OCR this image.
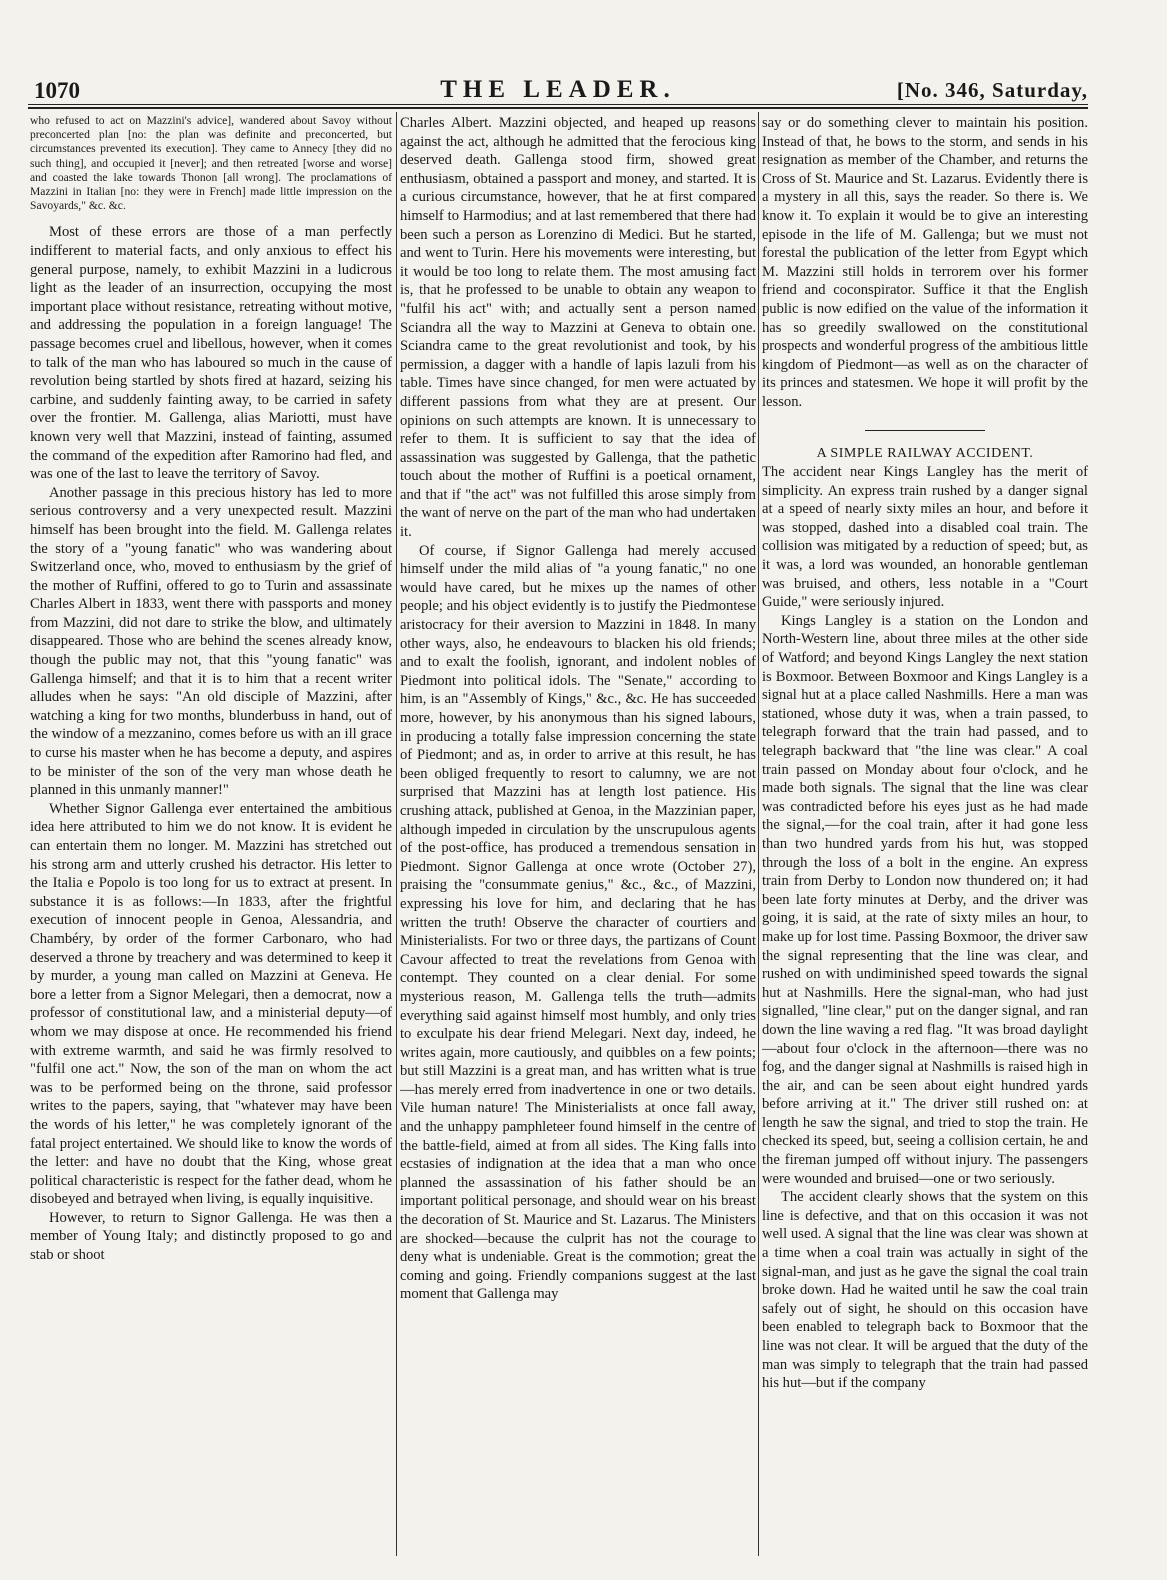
1070	THE LEADER.	[No. 346, Saturday,

who refused to act on Mazzini's advice], wandered about Savoy without preconcerted plan [no: the plan was definite and preconcerted, but circumstances prevented its execution]. They came to Annecy [they did no such thing], and occupied it [never]; and then retreated [worse and worse] and coasted the lake towards Thonon [all wrong]. The proclamations of Mazzini in Italian [no: they were in French] made little impression on the Savoyards," &c. &c.

Most of these errors are those of a man perfectly indifferent to material facts, and only anxious to effect his general purpose, namely, to exhibit Mazzini in a ludicrous light as the leader of an insurrection, occupying the most important place without resistance, retreating without motive, and addressing the population in a foreign language! The passage becomes cruel and libellous, however, when it comes to talk of the man who has laboured so much in the cause of revolution being startled by shots fired at hazard, seizing his carbine, and suddenly fainting away, to be carried in safety over the frontier. M. Gallenga, alias Mariotti, must have known very well that Mazzini, instead of fainting, assumed the command of the expedition after Ramorino had fled, and was one of the last to leave the territory of Savoy.

Another passage in this precious history has led to more serious controversy and a very unexpected result. Mazzini himself has been brought into the field. M. Gallenga relates the story of a "young fanatic" who was wandering about Switzerland once, who, moved to enthusiasm by the grief of the mother of Ruffini, offered to go to Turin and assassinate Charles Albert in 1833, went there with passports and money from Mazzini, did not dare to strike the blow, and ultimately disappeared. Those who are behind the scenes already know, though the public may not, that this "young fanatic" was Gallenga himself; and that it is to him that a recent writer alludes when he says: "An old disciple of Mazzini, after watching a king for two months, blunderbuss in hand, out of the window of a mezzanino, comes before us with an ill grace to curse his master when he has become a deputy, and aspires to be minister of the son of the very man whose death he planned in this unmanly manner!"

Whether Signor Gallenga ever entertained the ambitious idea here attributed to him we do not know. It is evident he can entertain them no longer. M. Mazzini has stretched out his strong arm and utterly crushed his detractor. His letter to the Italia e Popolo is too long for us to extract at present. In substance it is as follows:—In 1833, after the frightful execution of innocent people in Genoa, Alessandria, and Chambéry, by order of the former Carbonaro, who had deserved a throne by treachery and was determined to keep it by murder, a young man called on Mazzini at Geneva. He bore a letter from a Signor Melegari, then a democrat, now a professor of constitutional law, and a ministerial deputy—of whom we may dispose at once. He recommended his friend with extreme warmth, and said he was firmly resolved to "fulfil one act." Now, the son of the man on whom the act was to be performed being on the throne, said professor writes to the papers, saying, that "whatever may have been the words of his letter," he was completely ignorant of the fatal project entertained. We should like to know the words of the letter: and have no doubt that the King, whose great political characteristic is respect for the father dead, whom he disobeyed and betrayed when living, is equally inquisitive.

However, to return to Signor Gallenga. He was then a member of Young Italy; and distinctly proposed to go and stab or shoot

Charles Albert. Mazzini objected, and heaped up reasons against the act, although he admitted that the ferocious king deserved death. Gallenga stood firm, showed great enthusiasm, obtained a passport and money, and started. It is a curious circumstance, however, that he at first compared himself to Harmodius; and at last remembered that there had been such a person as Lorenzino di Medici. But he started, and went to Turin. Here his movements were interesting, but it would be too long to relate them. The most amusing fact is, that he professed to be unable to obtain any weapon to "fulfil his act" with; and actually sent a person named Sciandra all the way to Mazzini at Geneva to obtain one. Sciandra came to the great revolutionist and took, by his permission, a dagger with a handle of lapis lazuli from his table. Times have since changed, for men were actuated by different passions from what they are at present. Our opinions on such attempts are known. It is unnecessary to refer to them. It is sufficient to say that the idea of assassination was suggested by Gallenga, that the pathetic touch about the mother of Ruffini is a poetical ornament, and that if "the act" was not fulfilled this arose simply from the want of nerve on the part of the man who had undertaken it.

Of course, if Signor Gallenga had merely accused himself under the mild alias of "a young fanatic," no one would have cared, but he mixes up the names of other people; and his object evidently is to justify the Piedmontese aristocracy for their aversion to Mazzini in 1848. In many other ways, also, he endeavours to blacken his old friends; and to exalt the foolish, ignorant, and indolent nobles of Piedmont into political idols. The "Senate," according to him, is an "Assembly of Kings," &c., &c. He has succeeded more, however, by his anonymous than his signed labours, in producing a totally false impression concerning the state of Piedmont; and as, in order to arrive at this result, he has been obliged frequently to resort to calumny, we are not surprised that Mazzini has at length lost patience. His crushing attack, published at Genoa, in the Mazzinian paper, although impeded in circulation by the unscrupulous agents of the post-office, has produced a tremendous sensation in Piedmont. Signor Gallenga at once wrote (October 27), praising the "consummate genius," &c., &c., of Mazzini, expressing his love for him, and declaring that he has written the truth! Observe the character of courtiers and Ministerialists. For two or three days, the partizans of Count Cavour affected to treat the revelations from Genoa with contempt. They counted on a clear denial. For some mysterious reason, M. Gallenga tells the truth—admits everything said against himself most humbly, and only tries to exculpate his dear friend Melegari. Next day, indeed, he writes again, more cautiously, and quibbles on a few points; but still Mazzini is a great man, and has written what is true—has merely erred from inadvertence in one or two details. Vile human nature! The Ministerialists at once fall away, and the unhappy pamphleteer found himself in the centre of the battle-field, aimed at from all sides. The King falls into ecstasies of indignation at the idea that a man who once planned the assassination of his father should be an important political personage, and should wear on his breast the decoration of St. Maurice and St. Lazarus. The Ministers are shocked—because the culprit has not the courage to deny what is undeniable. Great is the commotion; great the coming and going. Friendly companions suggest at the last moment that Gallenga may

say or do something clever to maintain his position. Instead of that, he bows to the storm, and sends in his resignation as member of the Chamber, and returns the Cross of St. Maurice and St. Lazarus. Evidently there is a mystery in all this, says the reader. So there is. We know it. To explain it would be to give an interesting episode in the life of M. Gallenga; but we must not forestal the publication of the letter from Egypt which M. Mazzini still holds in terrorem over his former friend and coconspirator. Suffice it that the English public is now edified on the value of the information it has so greedily swallowed on the constitutional prospects and wonderful progress of the ambitious little kingdom of Piedmont—as well as on the character of its princes and statesmen. We hope it will profit by the lesson.

A SIMPLE RAILWAY ACCIDENT.

The accident near Kings Langley has the merit of simplicity. An express train rushed by a danger signal at a speed of nearly sixty miles an hour, and before it was stopped, dashed into a disabled coal train. The collision was mitigated by a reduction of speed; but, as it was, a lord was wounded, an honorable gentleman was bruised, and others, less notable in a "Court Guide," were seriously injured.

Kings Langley is a station on the London and North-Western line, about three miles at the other side of Watford; and beyond Kings Langley the next station is Boxmoor. Between Boxmoor and Kings Langley is a signal hut at a place called Nashmills. Here a man was stationed, whose duty it was, when a train passed, to telegraph forward that the train had passed, and to telegraph backward that "the line was clear." A coal train passed on Monday about four o'clock, and he made both signals. The signal that the line was clear was contradicted before his eyes just as he had made the signal,—for the coal train, after it had gone less than two hundred yards from his hut, was stopped through the loss of a bolt in the engine. An express train from Derby to London now thundered on; it had been late forty minutes at Derby, and the driver was going, it is said, at the rate of sixty miles an hour, to make up for lost time. Passing Boxmoor, the driver saw the signal representing that the line was clear, and rushed on with undiminished speed towards the signal hut at Nashmills. Here the signal-man, who had just signalled, "line clear," put on the danger signal, and ran down the line waving a red flag. "It was broad daylight—about four o'clock in the afternoon—there was no fog, and the danger signal at Nashmills is raised high in the air, and can be seen about eight hundred yards before arriving at it." The driver still rushed on: at length he saw the signal, and tried to stop the train. He checked its speed, but, seeing a collision certain, he and the fireman jumped off without injury. The passengers were wounded and bruised—one or two seriously.

The accident clearly shows that the system on this line is defective, and that on this occasion it was not well used. A signal that the line was clear was shown at a time when a coal train was actually in sight of the signal-man, and just as he gave the signal the coal train broke down. Had he waited until he saw the coal train safely out of sight, he should on this occasion have been enabled to telegraph back to Boxmoor that the line was not clear. It will be argued that the duty of the man was simply to telegraph that the train had passed his hut—but if the company
